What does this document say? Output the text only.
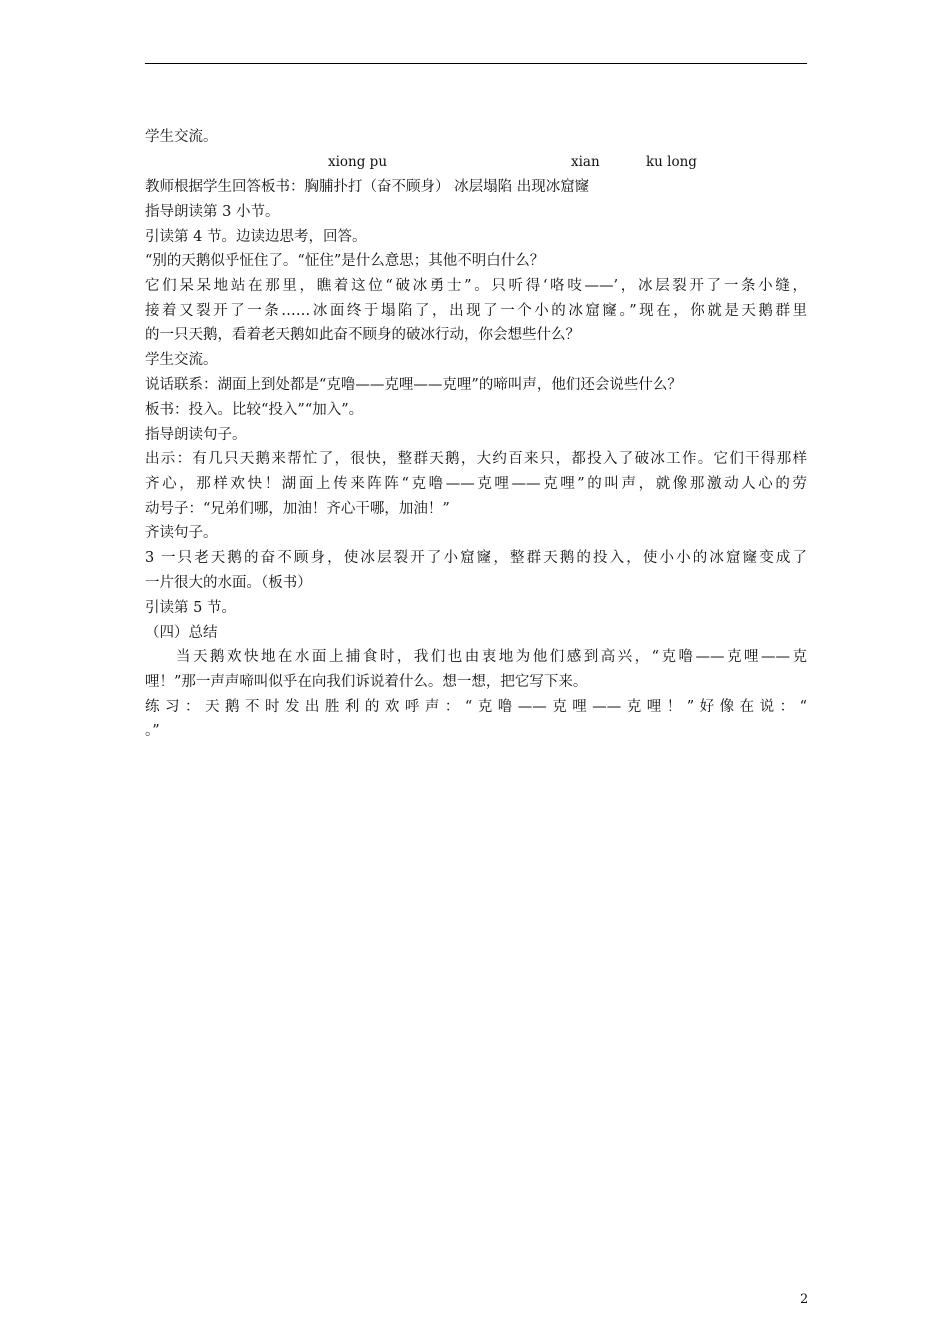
xiong pu	xian	ku long
学生交流。
教师根据学生回答板书：胸脯扑打（奋不顾身） 冰层塌陷 出现冰窟窿
指导朗读第 3 小节。
引读第 4 节。边读边思考，回答。
“别的天鹅似乎怔住了。“怔住”是什么意思；其他不明白什么？
它们呆呆地站在那里，瞧着这位“破冰勇士”。只听得‘咯吱——’，冰层裂开了一条小缝，
接着又裂开了一条……冰面终于塌陷了，出现了一个小的冰窟窿。”现在，你就是天鹅群里
的一只天鹅，看着老天鹅如此奋不顾身的破冰行动，你会想些什么？
学生交流。
说话联系：湖面上到处都是“克噜——克哩——克哩”的啼叫声，他们还会说些什么？
板书：投入。比较“投入”“加入”。
指导朗读句子。
出示：有几只天鹅来帮忙了，很快，整群天鹅，大约百来只，都投入了破冰工作。它们干得那样
齐心，那样欢快！湖面上传来阵阵“克噜——克哩——克哩”的叫声，就像那激动人心的劳
动号子：“兄弟们哪，加油！齐心干哪，加油！”
齐读句子。
3 一只老天鹅的奋不顾身，使冰层裂开了小窟窿，整群天鹅的投入，使小小的冰窟窿变成了
一片很大的水面。（板书）
引读第 5 节。
（四）总结
当天鹅欢快地在水面上捕食时，我们也由衷地为他们感到高兴，“克噜——克哩——克
哩！”那一声声啼叫似乎在向我们诉说着什么。想一想，把它写下来。
练习：天鹅不时发出胜利的欢呼声：“克噜——克哩——克哩！”好像在说：“
。”
2
